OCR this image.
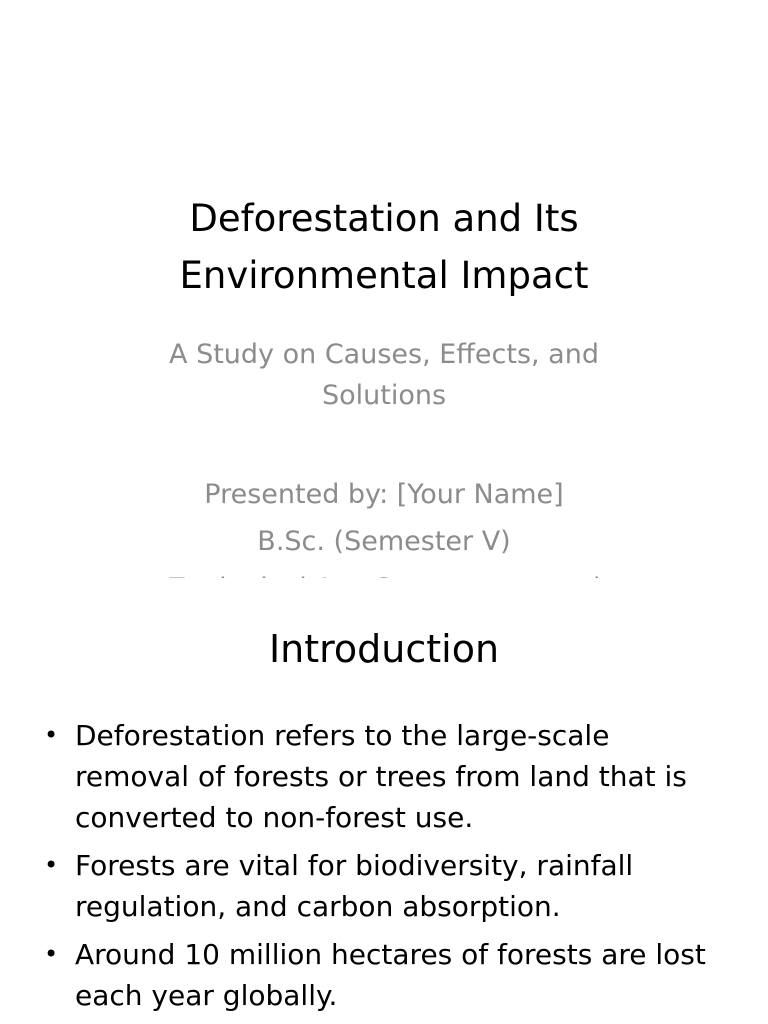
Deforestation and Its
Environmental Impact
A Study on Causes, Effects, and
Solutions
Presented by: [Your Name]
B.Sc. (Semester V)
Introduction
• Deforestation refers to the large-scale removal of forests or trees from land that is converted to non-forest use.
• Forests are vital for biodiversity, rainfall regulation, and carbon absorption.
• Around 10 million hectares of forests are lost each year globally.
